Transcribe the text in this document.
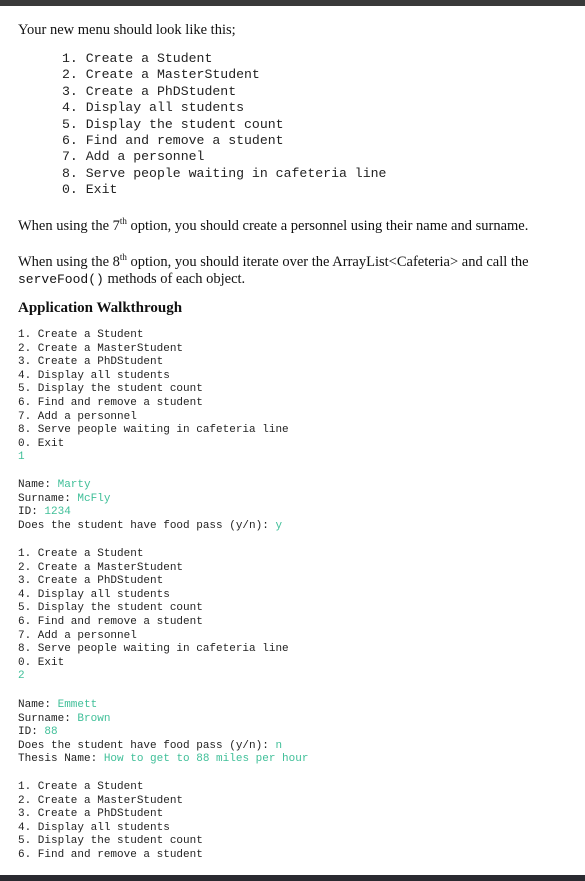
Your new menu should look like this;

1. Create a Student
2. Create a MasterStudent
3. Create a PhDStudent
4. Display all students
5. Display the student count
6. Find and remove a student
7. Add a personnel
8. Serve people waiting in cafeteria line
0. Exit

When using the 7th option, you should create a personnel using their name and surname.

When using the 8th option, you should iterate over the ArrayList<Cafeteria> and call the
serveFood() methods of each object.

Application Walkthrough
1. Create a Student
2. Create a MasterStudent
3. Create a PhDStudent
4. Display all students
5. Display the student count
6. Find and remove a student
7. Add a personnel
8. Serve people waiting in cafeteria line
0. Exit
1
Name: Marty
Surname: McFly
ID: 1234
Does the student have food pass (y/n): y
1. Create a Student
2. Create a MasterStudent
3. Create a PhDStudent
4. Display all students
5. Display the student count
6. Find and remove a student
7. Add a personnel
8. Serve people waiting in cafeteria line
0. Exit
2
Name: Emmett
Surname: Brown
ID: 88
Does the student have food pass (y/n): n
Thesis Name: How to get to 88 miles per hour
1. Create a Student
2. Create a MasterStudent
3. Create a PhDStudent
4. Display all students
5. Display the student count
6. Find and remove a student
